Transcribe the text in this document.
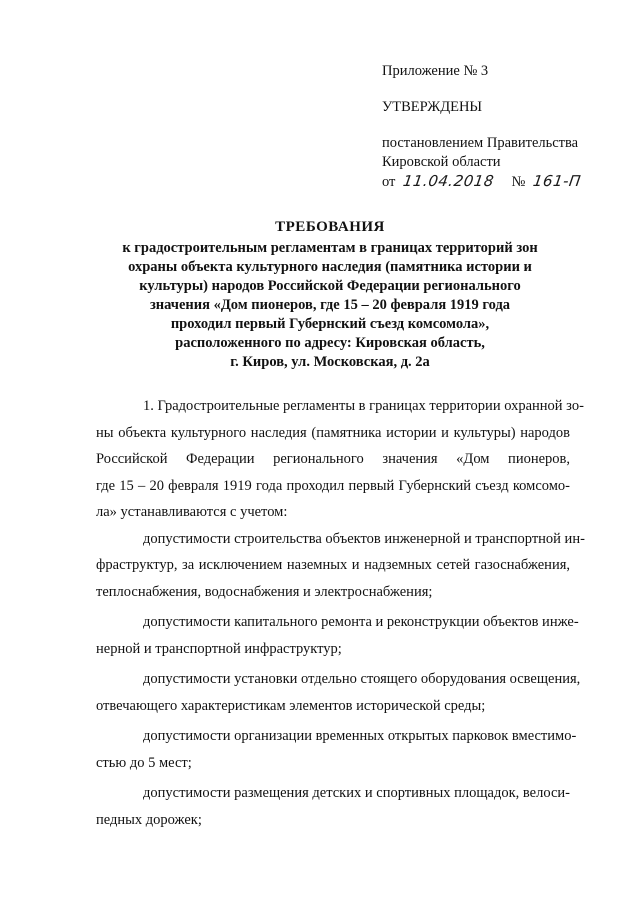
Приложение № 3
УТВЕРЖДЕНЫ
постановлением Правительства
Кировской области
от 11.04.2018 № 161-П
ТРЕБОВАНИЯ
к градостроительным регламентам в границах территорий зон
охраны объекта культурного наследия (памятника истории и
культуры) народов Российской Федерации регионального
значения «Дом пионеров, где 15 – 20 февраля 1919 года
проходил первый Губернский съезд комсомола»,
расположенного по адресу: Кировская область,
г. Киров, ул. Московская, д. 2а
1. Градостроительные регламенты в границах территории охранной зо-
ны объекта культурного наследия (памятника истории и культуры) народов
Российской Федерации регионального значения «Дом пионеров,
где 15 – 20 февраля 1919 года проходил первый Губернский съезд комсомо-
ла» устанавливаются с учетом:
допустимости строительства объектов инженерной и транспортной ин-
фраструктур, за исключением наземных и надземных сетей газоснабжения,
теплоснабжения, водоснабжения и электроснабжения;
допустимости капитального ремонта и реконструкции объектов инже-
нерной и транспортной инфраструктур;
допустимости установки отдельно стоящего оборудования освещения,
отвечающего характеристикам элементов исторической среды;
допустимости организации временных открытых парковок вместимо-
стью до 5 мест;
допустимости размещения детских и спортивных площадок, велоси-
педных дорожек;
